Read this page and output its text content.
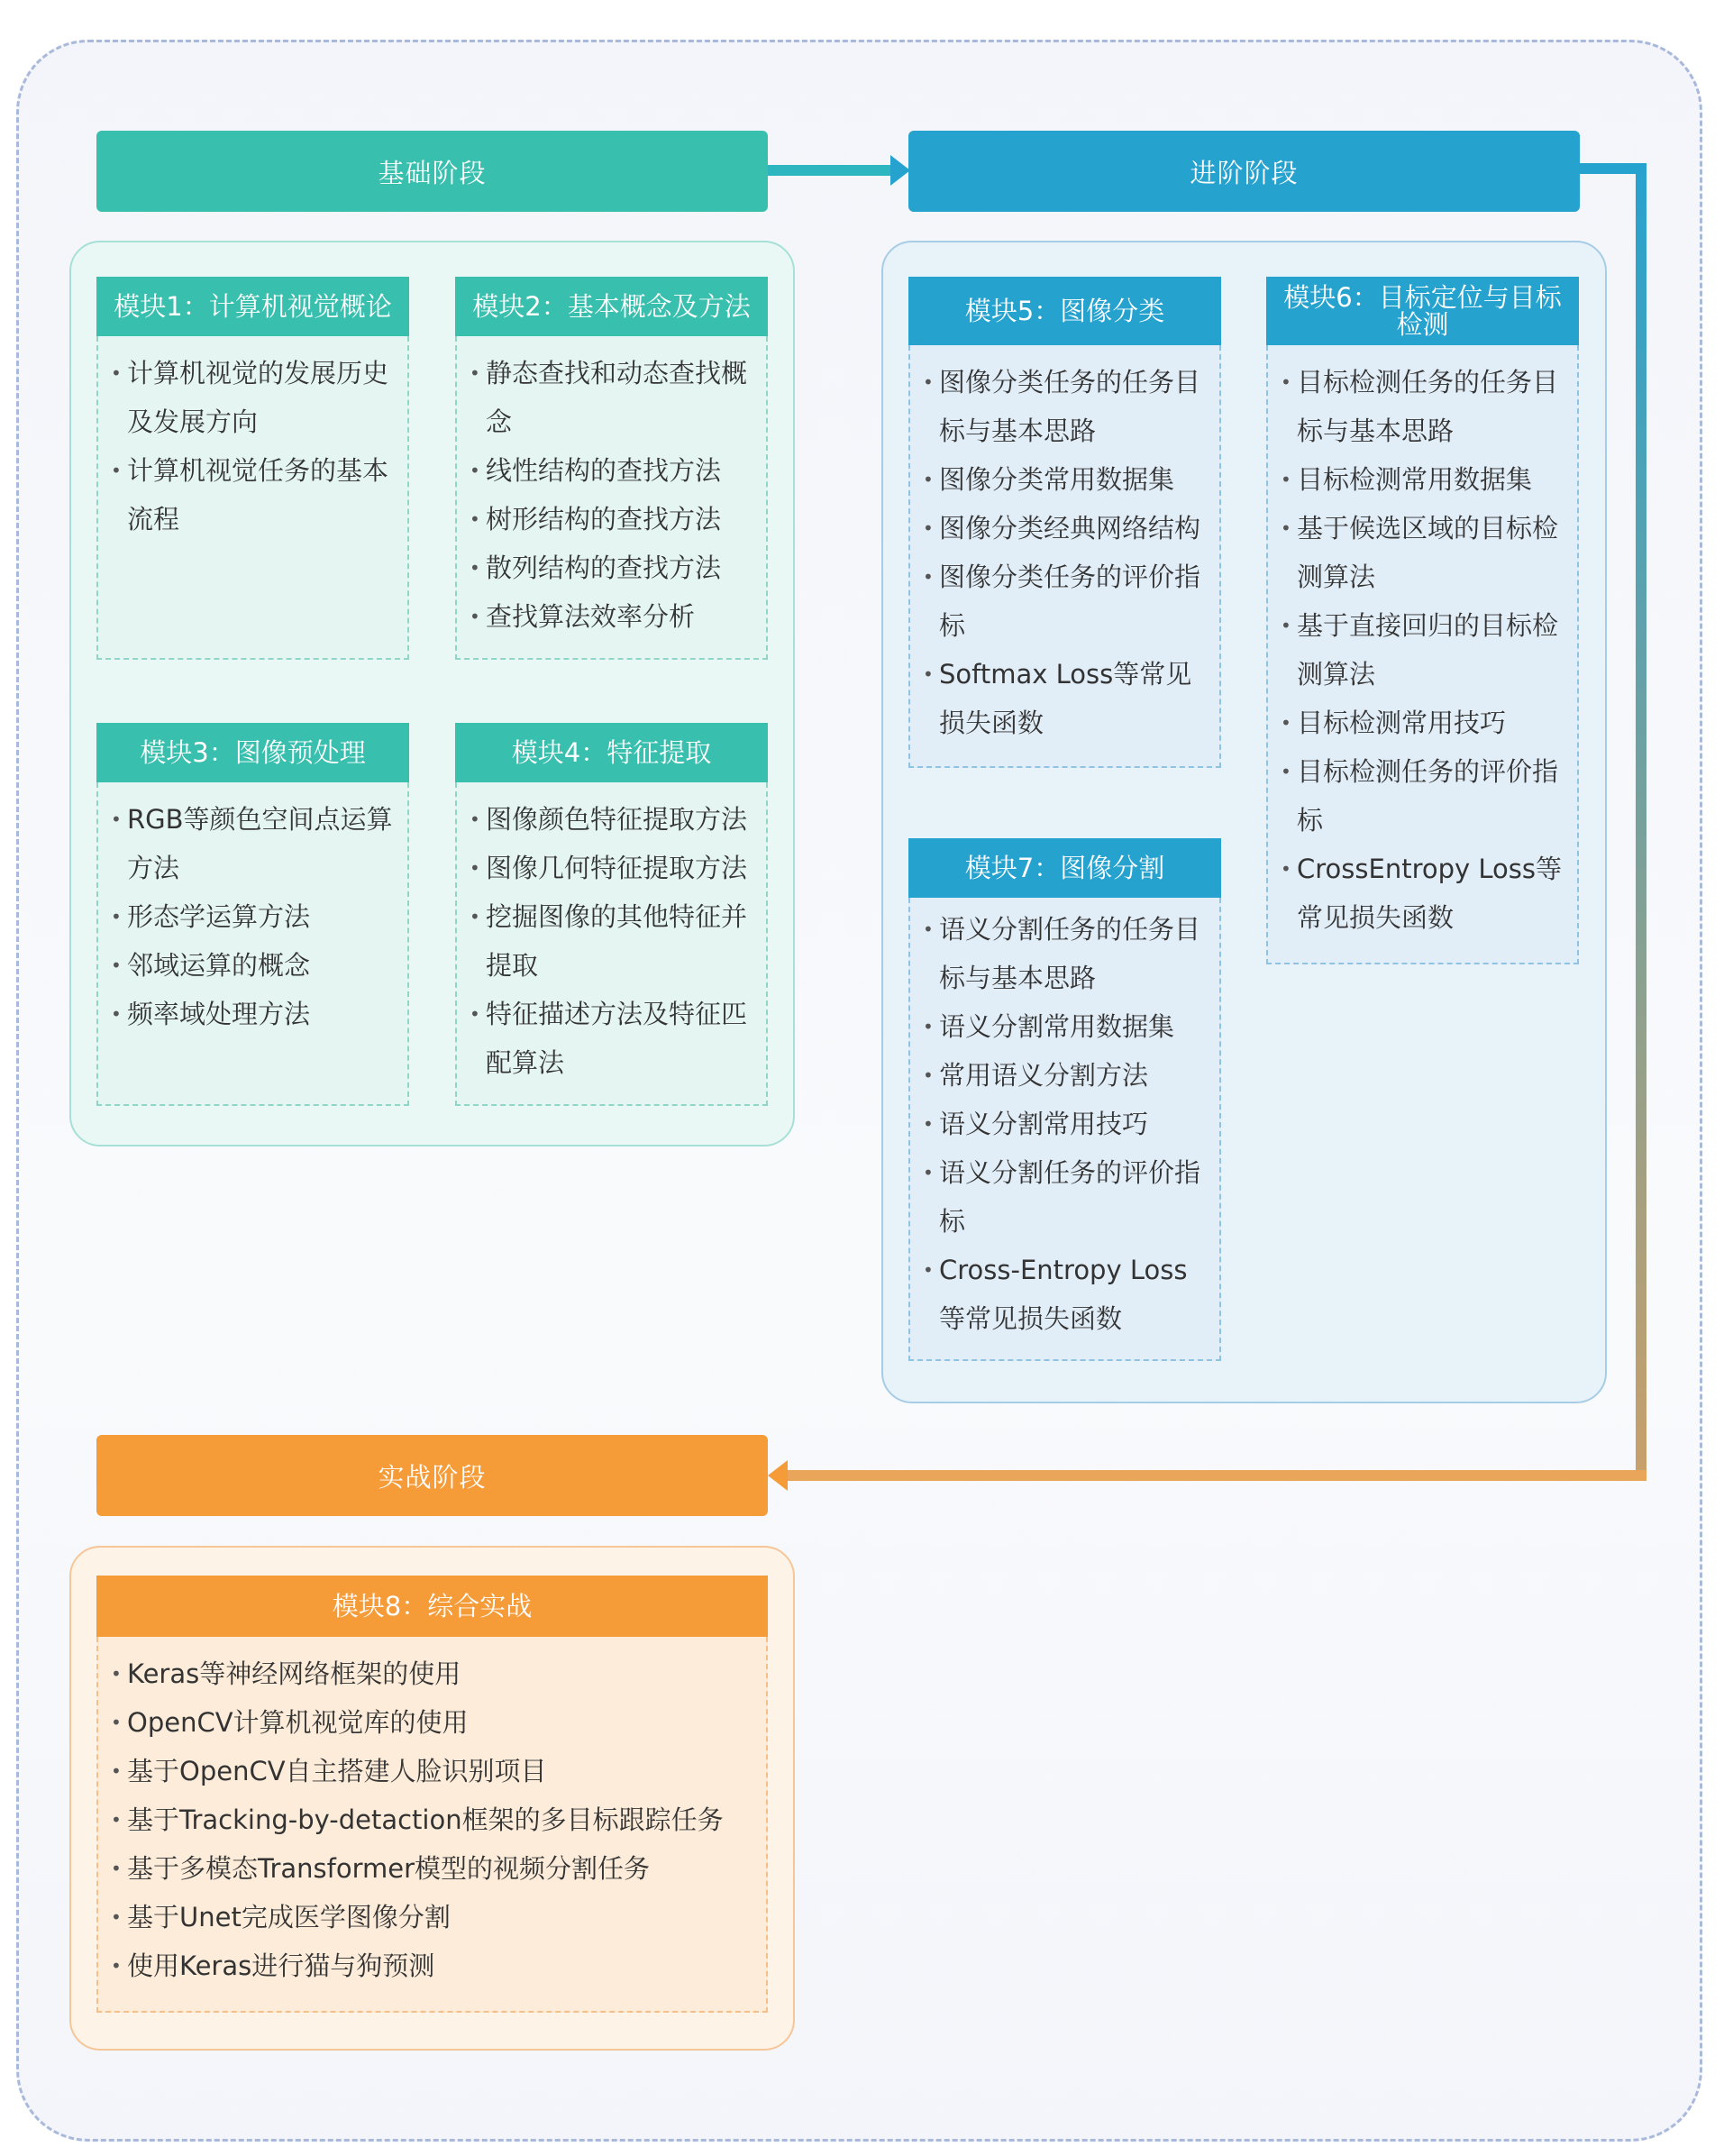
基础阶段	进阶阶段
实战阶段
模块1：计算机视觉概论
• 计算机视觉的发展历史及发展方向
• 计算机视觉任务的基本流程
模块2：基本概念及方法
• 静态查找和动态查找概念
• 线性结构的查找方法
• 树形结构的查找方法
• 散列结构的查找方法
• 查找算法效率分析
模块3：图像预处理
• RGB等颜色空间点运算方法
• 形态学运算方法
• 邻域运算的概念
• 频率域处理方法
模块4：特征提取
• 图像颜色特征提取方法
• 图像几何特征提取方法
• 挖掘图像的其他特征并提取
• 特征描述方法及特征匹配算法
模块5：图像分类
• 图像分类任务的任务目标与基本思路
• 图像分类常用数据集
• 图像分类经典网络结构
• 图像分类任务的评价指标
• Softmax Loss等常见损失函数
模块6：目标定位与目标检测
• 目标检测任务的任务目标与基本思路
• 目标检测常用数据集
• 基于候选区域的目标检测算法
• 基于直接回归的目标检测算法
• 目标检测常用技巧
• 目标检测任务的评价指标
• CrossEntropy Loss等常见损失函数
模块7：图像分割
• 语义分割任务的任务目标与基本思路
• 语义分割常用数据集
• 常用语义分割方法
• 语义分割常用技巧
• 语义分割任务的评价指标
• Cross-Entropy Loss等常见损失函数
模块8：综合实战
• Keras等神经网络框架的使用
• OpenCV计算机视觉库的使用
• 基于OpenCV自主搭建人脸识别项目
• 基于Tracking-by-detaction框架的多目标跟踪任务
• 基于多模态Transformer模型的视频分割任务
• 基于Unet完成医学图像分割
• 使用Keras进行猫与狗预测
